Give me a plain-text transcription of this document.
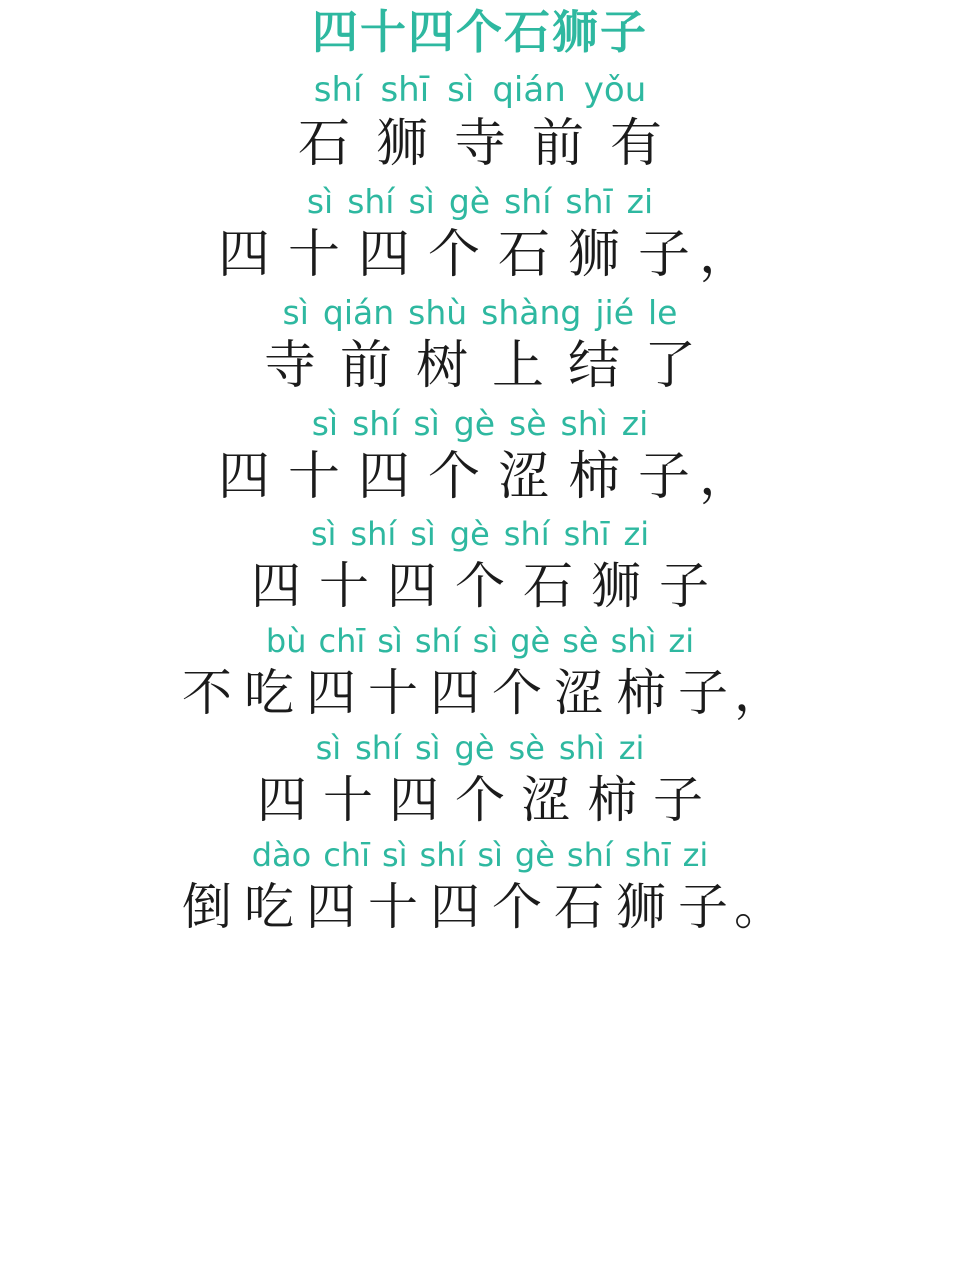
四十四个石狮子
shí shī sì qián yǒu
石 狮 寺 前 有
sì shí sì gè shí shī zi
四 十 四 个 石 狮 子 ，
sì qián shù shàng jié le
寺 前 树 上 结 了
sì shí sì gè sè shì zi
四 十 四 个 涩 柿 子 ，
sì shí sì gè shí shī zi
四 十 四 个 石 狮 子
bù chī sì shí sì gè sè shì zi
不 吃 四 十 四 个 涩 柿 子 ，
sì shí sì gè sè shì zi
四 十 四 个 涩 柿 子
dào chī sì shí sì gè shí shī zi
倒 吃 四 十 四 个 石 狮 子 。
